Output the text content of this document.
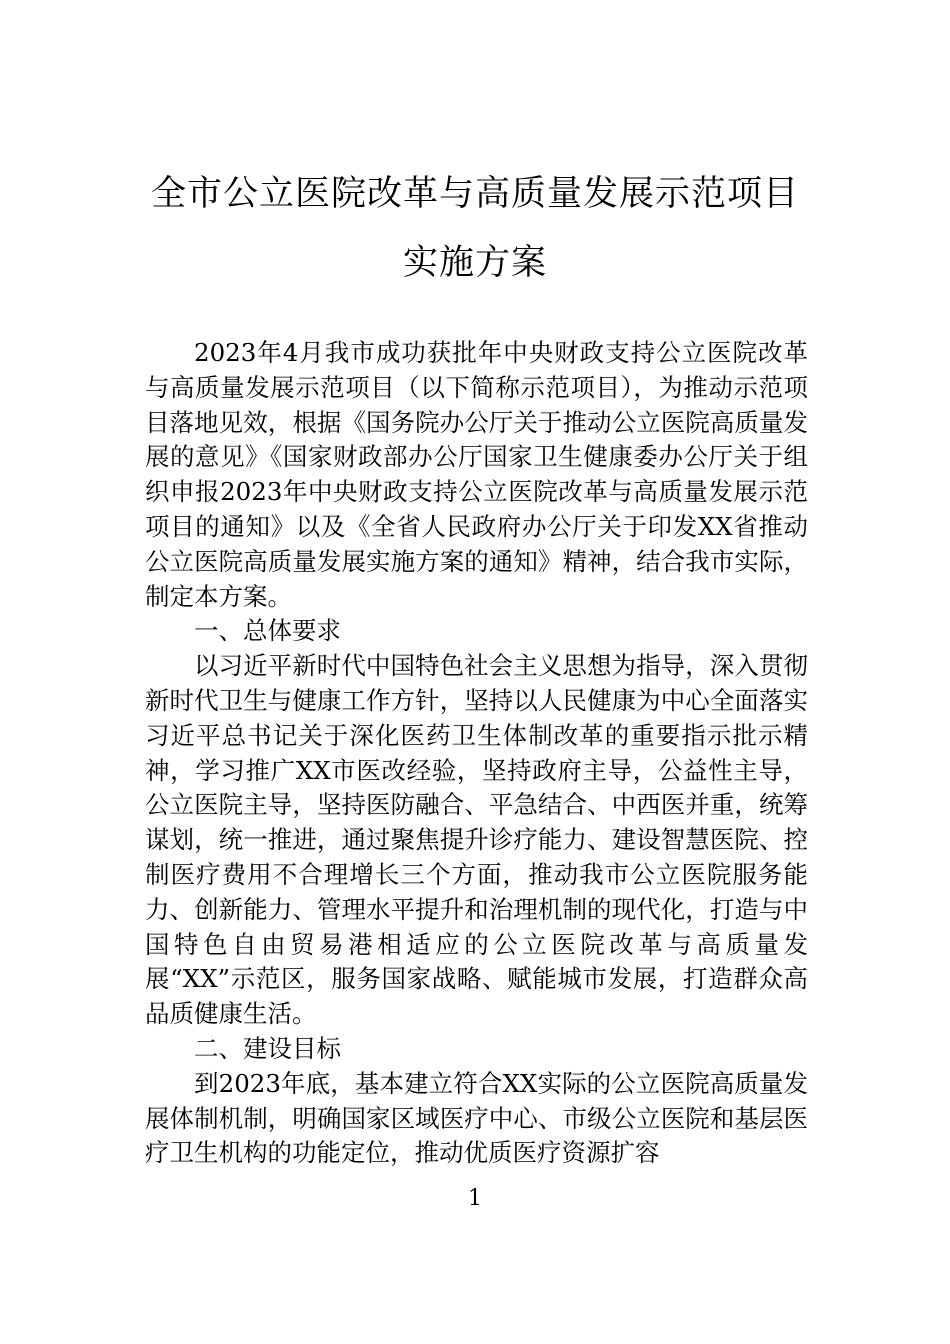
全市公立医院改革与高质量发展示范项目
实施方案

2023年4月我市成功获批年中央财政支持公立医院改革与高质量发展示范项目（以下简称示范项目），为推动示范项目落地见效，根据《国务院办公厅关于推动公立医院高质量发展的意见》《国家财政部办公厅国家卫生健康委办公厅关于组织申报2023年中央财政支持公立医院改革与高质量发展示范项目的通知》以及《全省人民政府办公厅关于印发XX省推动公立医院高质量发展实施方案的通知》精神，结合我市实际，制定本方案。

一、总体要求

以习近平新时代中国特色社会主义思想为指导，深入贯彻新时代卫生与健康工作方针，坚持以人民健康为中心全面落实习近平总书记关于深化医药卫生体制改革的重要指示批示精神，学习推广XX市医改经验，坚持政府主导，公益性主导，公立医院主导，坚持医防融合、平急结合、中西医并重，统筹谋划，统一推进，通过聚焦提升诊疗能力、建设智慧医院、控制医疗费用不合理增长三个方面，推动我市公立医院服务能力、创新能力、管理水平提升和治理机制的现代化，打造与中国特色自由贸易港相适应的公立医院改革与高质量发展“XX”示范区，服务国家战略、赋能城市发展，打造群众高品质健康生活。

二、建设目标

到2023年底，基本建立符合XX实际的公立医院高质量发展体制机制，明确国家区域医疗中心、市级公立医院和基层医疗卫生机构的功能定位，推动优质医疗资源扩容

1
